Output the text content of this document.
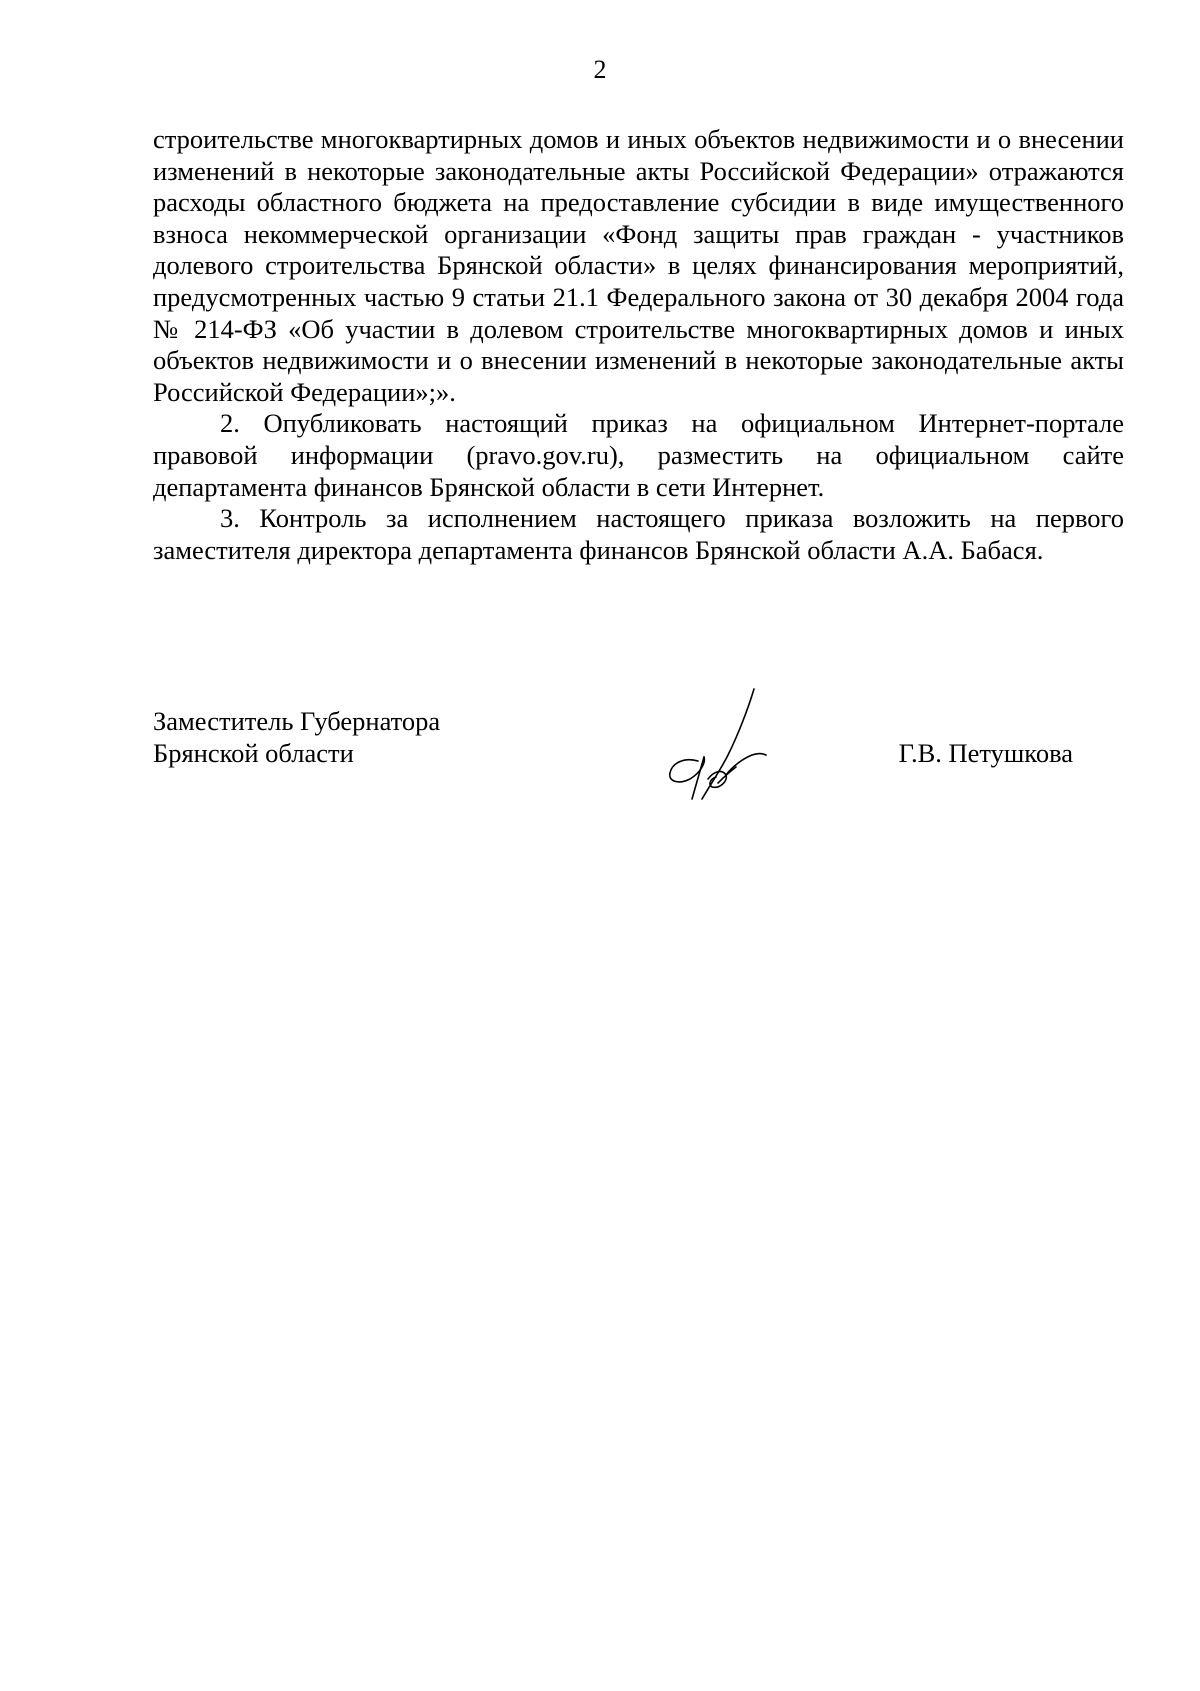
2

строительстве многоквартирных домов и иных объектов недвижимости и о внесении изменений в некоторые законодательные акты Российской Федерации» отражаются расходы областного бюджета на предоставление субсидии в виде имущественного взноса некоммерческой организации «Фонд защиты прав граждан - участников долевого строительства Брянской области» в целях финансирования мероприятий, предусмотренных частью 9 статьи 21.1 Федерального закона от 30 декабря 2004 года № 214-ФЗ «Об участии в долевом строительстве многоквартирных домов и иных объектов недвижимости и о внесении изменений в некоторые законодательные акты Российской Федерации»;».

2. Опубликовать настоящий приказ на официальном Интернет-портале правовой информации (pravo.gov.ru), разместить на официальном сайте департамента финансов Брянской области в сети Интернет.

3. Контроль за исполнением настоящего приказа возложить на первого заместителя директора департамента финансов Брянской области А.А. Бабася.

Заместитель Губернатора
Брянской области	Г.В. Петушкова
